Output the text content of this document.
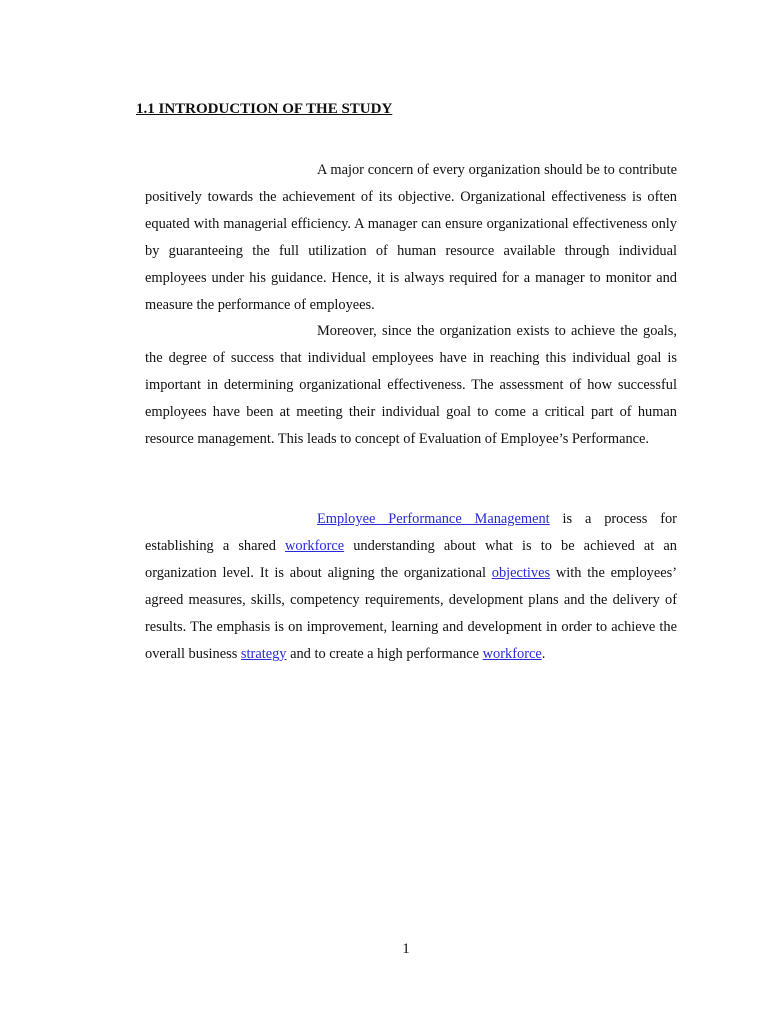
1.1 INTRODUCTION OF THE STUDY

A major concern of every organization should be to contribute positively towards the achievement of its objective. Organizational effectiveness is often equated with managerial efficiency. A manager can ensure organizational effectiveness only by guaranteeing the full utilization of human resource available through individual employees under his guidance. Hence, it is always required for a manager to monitor and measure the performance of employees.

Moreover, since the organization exists to achieve the goals, the degree of success that individual employees have in reaching this individual goal is important in determining organizational effectiveness. The assessment of how successful employees have been at meeting their individual goal to come a critical part of human resource management. This leads to concept of Evaluation of Employee’s Performance.

Employee Performance Management is a process for establishing a shared workforce understanding about what is to be achieved at an organization level. It is about aligning the organizational objectives with the employees’ agreed measures, skills, competency requirements, development plans and the delivery of results. The emphasis is on improvement, learning and development in order to achieve the overall business strategy and to create a high performance workforce.

1
